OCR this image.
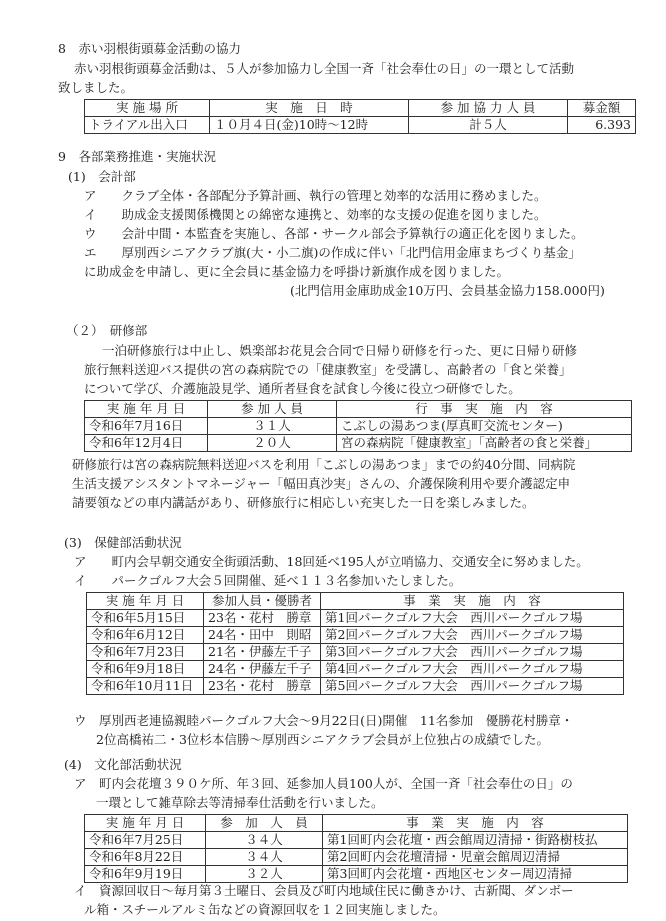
8　赤い羽根街頭募金活動の協力
赤い羽根街頭募金活動は、５人が参加協力し全国一斉「社会奉仕の日」の一環として活動
致しました。
実 施 場 所	実　施　日　時	参 加 協 力 人 員	募金額
トライアル出入口	１０月４日(金)10時～12時	計５人	6.393
9　各部業務推進・実施状況
(1)　会計部
ア　　クラブ全体・各部配分予算計画、執行の管理と効率的な活用に務めました。
イ　　助成金支援関係機関との綿密な連携と、効率的な支援の促進を図りました。
ウ　　会計中間・本監査を実施し、各部・サークル部会予算執行の適正化を図りました。
エ　　厚別西シニアクラブ旗(大・小二旗)の作成に伴い「北門信用金庫まちづくり基金」
に助成金を申請し、更に全会員に基金協力を呼掛け新旗作成を図りました。
(北門信用金庫助成金10万円、会員基金協力158.000円)
（２）　研修部
一泊研修旅行は中止し、娯楽部お花見会合同で日帰り研修を行った、更に日帰り研修
旅行無料送迎バス提供の宮の森病院での「健康教室」を受講し、高齢者の「食と栄養」
について学び、介護施設見学、通所者昼食を試食し今後に役立つ研修でした。
実 施 年 月 日	参 加 人 員	行　事　実　施　内　容
令和6年7月16日	３１人	こぶしの湯あつま(厚真町交流センター)
令和6年12月4日	２０人	宮の森病院「健康教室」「高齢者の食と栄養」
研修旅行は宮の森病院無料送迎バスを利用「こぶしの湯あつま」までの約40分間、同病院
生活支援アシスタントマネージャー「幅田真沙実」さんの、介護保険利用や要介護認定申
請要領などの車内講話があり、研修旅行に相応しい充実した一日を楽しみました。
(3)　保健部活動状況
ア　　町内会早朝交通安全街頭活動、18回延べ195人が立哨協力、交通安全に努めました。
イ　　パークゴルフ大会５回開催、延べ１１３名参加いたしました。
実 施 年 月 日	参加人員・優勝者	事　業　実　施　内　容
令和6年5月15日	23名・花村　勝章	第1回パークゴルフ大会　西川パークゴルフ場
令和6年6月12日	24名・田中　則昭	第2回パークゴルフ大会　西川パークゴルフ場
令和6年7月23日	21名・伊藤左千子	第3回パークゴルフ大会　西川パークゴルフ場
令和6年9月18日	24名・伊藤左千子	第4回パークゴルフ大会　西川パークゴルフ場
令和6年10月11日	23名・花村　勝章	第5回パークゴルフ大会　西川パークゴルフ場
ウ　厚別西老連協親睦パークゴルフ大会～9月22日(日)開催　11名参加　優勝花村勝章・
2位高橋祐二・3位杉本信勝～厚別西シニアクラブ会員が上位独占の成績でした。
(4)　文化部活動状況
ア　町内会花壇３９０ケ所、年３回、延参加人員100人が、全国一斉「社会奉仕の日」の
一環として雑草除去等清掃奉仕活動を行いました。
実 施 年 月 日	参　加　人　員	事　業　実　施　内　容
令和6年7月25日	３４人	第1回町内会花壇・西会館周辺清掃・街路樹枝払
令和6年8月22日	３４人	第2回町内会花壇清掃・児童会館周辺清掃
令和6年9月19日	３２人	第3回町内会花壇・西地区センター周辺清掃
イ　資源回収日～毎月第３土曜日、会員及び町内地域住民に働きかけ、古新聞、ダンボー
ル箱・スチールアルミ缶などの資源回収を１２回実施しました。
